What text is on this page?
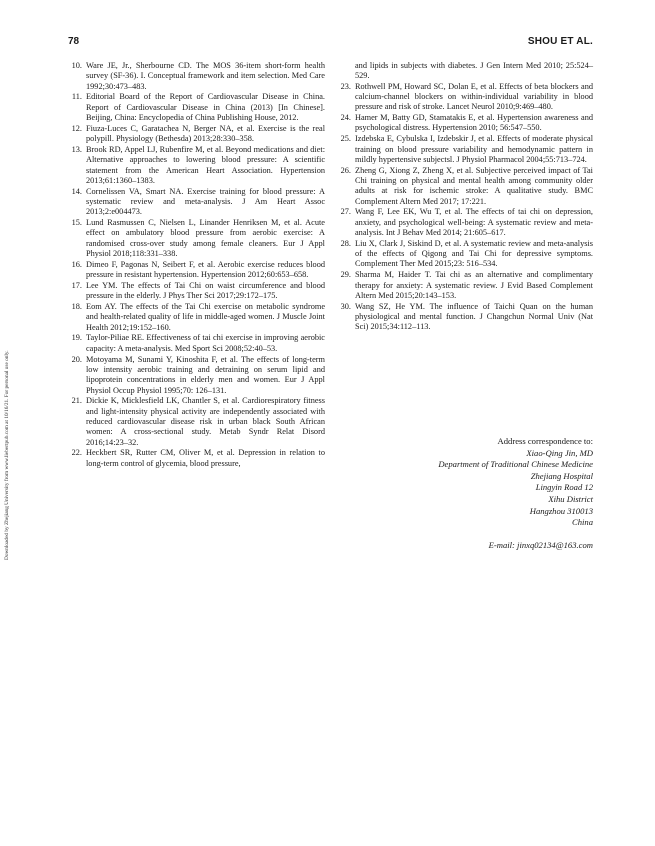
78	SHOU ET AL.
Downloaded by Zhejiang University from www.liebertpub.com at 10/16/21. For personal use only.
10. Ware JE, Jr., Sherbourne CD. The MOS 36-item short-form health survey (SF-36). I. Conceptual framework and item selection. Med Care 1992;30:473–483.
11. Editorial Board of the Report of Cardiovascular Disease in China. Report of Cardiovascular Disease in China (2013) [In Chinese]. Beijing, China: Encyclopedia of China Publishing House, 2012.
12. Fiuza-Luces C, Garatachea N, Berger NA, et al. Exercise is the real polypill. Physiology (Bethesda) 2013;28:330–358.
13. Brook RD, Appel LJ, Rubenfire M, et al. Beyond medications and diet: Alternative approaches to lowering blood pressure: A scientific statement from the American Heart Association. Hypertension 2013;61:1360–1383.
14. Cornelissen VA, Smart NA. Exercise training for blood pressure: A systematic review and meta-analysis. J Am Heart Assoc 2013;2:e004473.
15. Lund Rasmussen C, Nielsen L, Linander Henriksen M, et al. Acute effect on ambulatory blood pressure from aerobic exercise: A randomised cross-over study among female cleaners. Eur J Appl Physiol 2018;118:331–338.
16. Dimeo F, Pagonas N, Seibert F, et al. Aerobic exercise reduces blood pressure in resistant hypertension. Hypertension 2012;60:653–658.
17. Lee YM. The effects of Tai Chi on waist circumference and blood pressure in the elderly. J Phys Ther Sci 2017;29:172–175.
18. Eom AY. The effects of the Tai Chi exercise on metabolic syndrome and health-related quality of life in middle-aged women. J Muscle Joint Health 2012;19:152–160.
19. Taylor-Piliae RE. Effectiveness of tai chi exercise in improving aerobic capacity: A meta-analysis. Med Sport Sci 2008;52:40–53.
20. Motoyama M, Sunami Y, Kinoshita F, et al. The effects of long-term low intensity aerobic training and detraining on serum lipid and lipoprotein concentrations in elderly men and women. Eur J Appl Physiol Occup Physiol 1995;70: 126–131.
21. Dickie K, Micklesfield LK, Chantler S, et al. Cardiorespiratory fitness and light-intensity physical activity are independently associated with reduced cardiovascular disease risk in urban black South African women: A cross-sectional study. Metab Syndr Relat Disord 2016;14:23–32.
22. Heckbert SR, Rutter CM, Oliver M, et al. Depression in relation to long-term control of glycemia, blood pressure,
and lipids in subjects with diabetes. J Gen Intern Med 2010; 25:524–529.
23. Rothwell PM, Howard SC, Dolan E, et al. Effects of beta blockers and calcium-channel blockers on within-individual variability in blood pressure and risk of stroke. Lancet Neurol 2010;9:469–480.
24. Hamer M, Batty GD, Stamatakis E, et al. Hypertension awareness and psychological distress. Hypertension 2010; 56:547–550.
25. Izdebska E, Cybulska I, Izdebskir J, et al. Effects of moderate physical training on blood pressure variability and hemodynamic pattern in mildly hypertensive subjectsl. J Physiol Pharmacol 2004;55:713–724.
26. Zheng G, Xiong Z, Zheng X, et al. Subjective perceived impact of Tai Chi training on physical and mental health among community older adults at risk for ischemic stroke: A qualitative study. BMC Complement Altern Med 2017; 17:221.
27. Wang F, Lee EK, Wu T, et al. The effects of tai chi on depression, anxiety, and psychological well-being: A systematic review and meta-analysis. Int J Behav Med 2014; 21:605–617.
28. Liu X, Clark J, Siskind D, et al. A systematic review and meta-analysis of the effects of Qigong and Tai Chi for depressive symptoms. Complement Ther Med 2015;23: 516–534.
29. Sharma M, Haider T. Tai chi as an alternative and complimentary therapy for anxiety: A systematic review. J Evid Based Complement Altern Med 2015;20:143–153.
30. Wang SZ, He YM. The influence of Taichi Quan on the human physiological and mental function. J Changchun Normal Univ (Nat Sci) 2015;34:112–113.
Address correspondence to:
Xiao-Qing Jin, MD
Department of Traditional Chinese Medicine
Zhejiang Hospital
Lingyin Road 12
Xihu District
Hangzhou 310013
China
E-mail: jinxq02134@163.com
